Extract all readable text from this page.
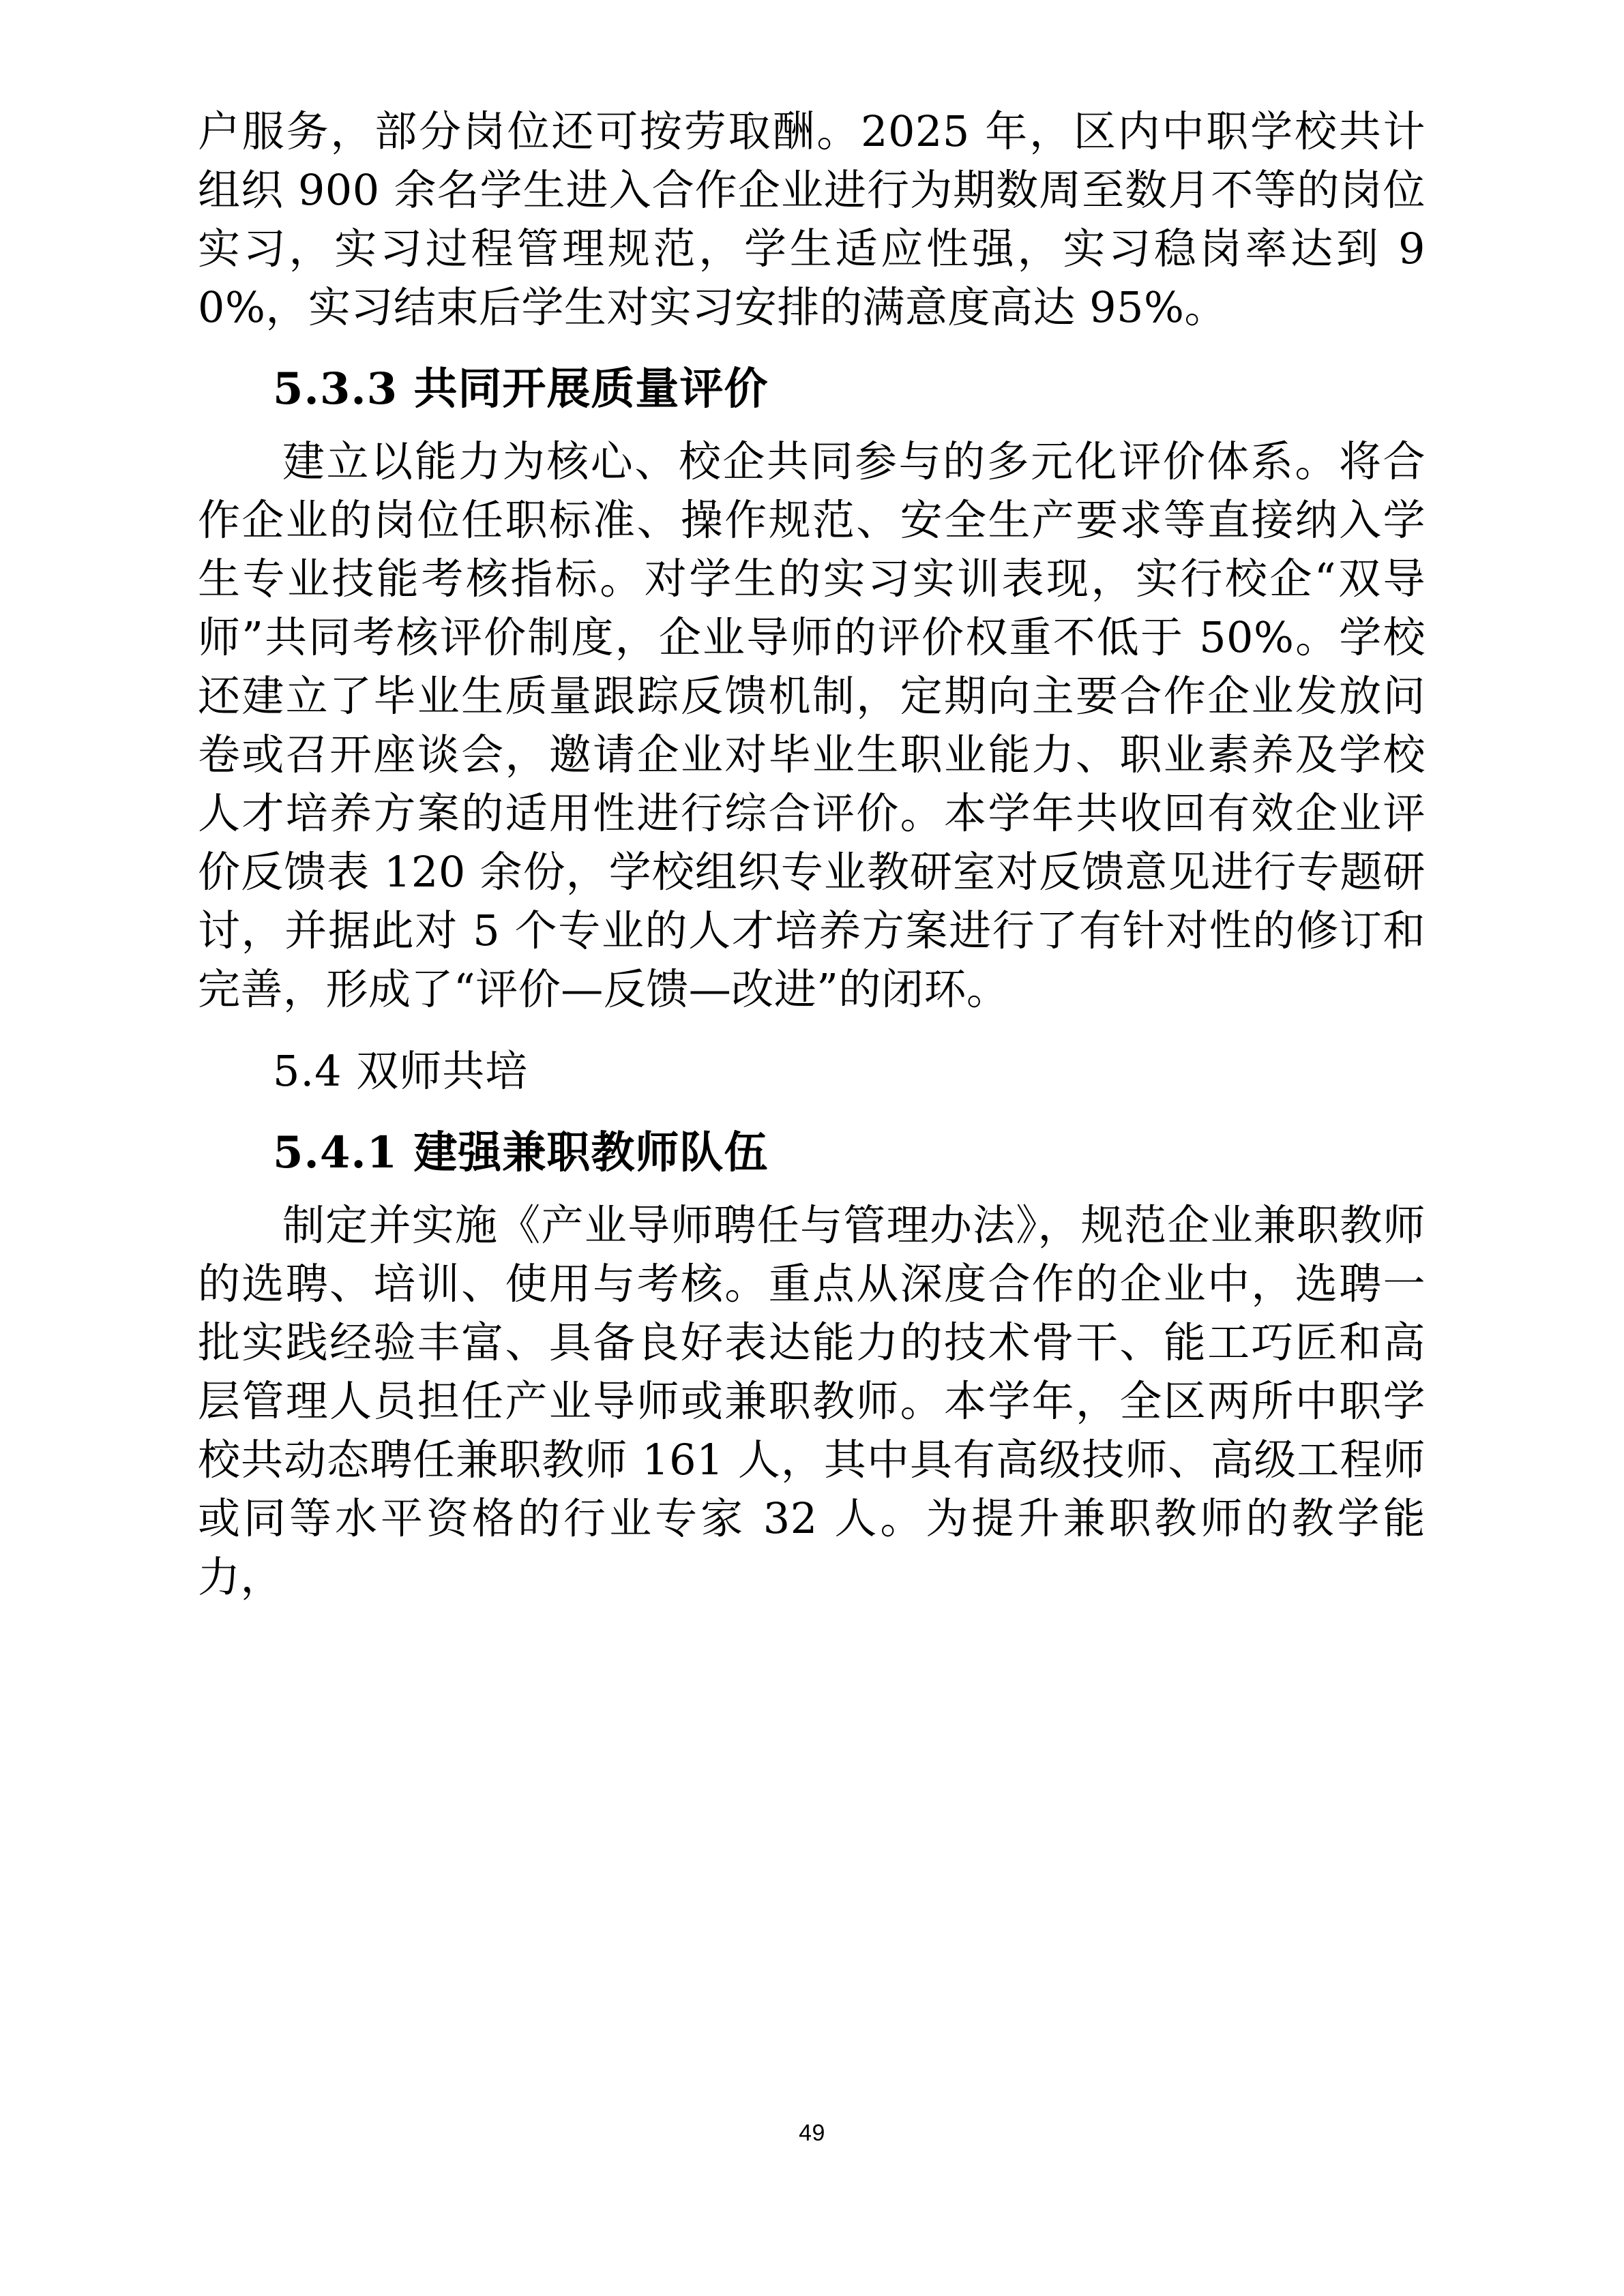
户服务，部分岗位还可按劳取酬。2025 年，区内中职学校共计组织 900 余名学生进入合作企业进行为期数周至数月不等的岗位实习，实习过程管理规范，学生适应性强，实习稳岗率达到 90%，实习结束后学生对实习安排的满意度高达 95%。

5.3.3 共同开展质量评价

建立以能力为核心、校企共同参与的多元化评价体系。将合作企业的岗位任职标准、操作规范、安全生产要求等直接纳入学生专业技能考核指标。对学生的实习实训表现，实行校企“双导师”共同考核评价制度，企业导师的评价权重不低于 50%。学校还建立了毕业生质量跟踪反馈机制，定期向主要合作企业发放问卷或召开座谈会，邀请企业对毕业生职业能力、职业素养及学校人才培养方案的适用性进行综合评价。本学年共收回有效企业评价反馈表 120 余份，学校组织专业教研室对反馈意见进行专题研讨，并据此对 5 个专业的人才培养方案进行了有针对性的修订和完善，形成了“评价—反馈—改进”的闭环。

5.4 双师共培
5.4.1 建强兼职教师队伍

制定并实施《产业导师聘任与管理办法》，规范企业兼职教师的选聘、培训、使用与考核。重点从深度合作的企业中，选聘一批实践经验丰富、具备良好表达能力的技术骨干、能工巧匠和高层管理人员担任产业导师或兼职教师。本学年，全区两所中职学校共动态聘任兼职教师 161 人，其中具有高级技师、高级工程师或同等水平资格的行业专家 32 人。为提升兼职教师的教学能力，

49
